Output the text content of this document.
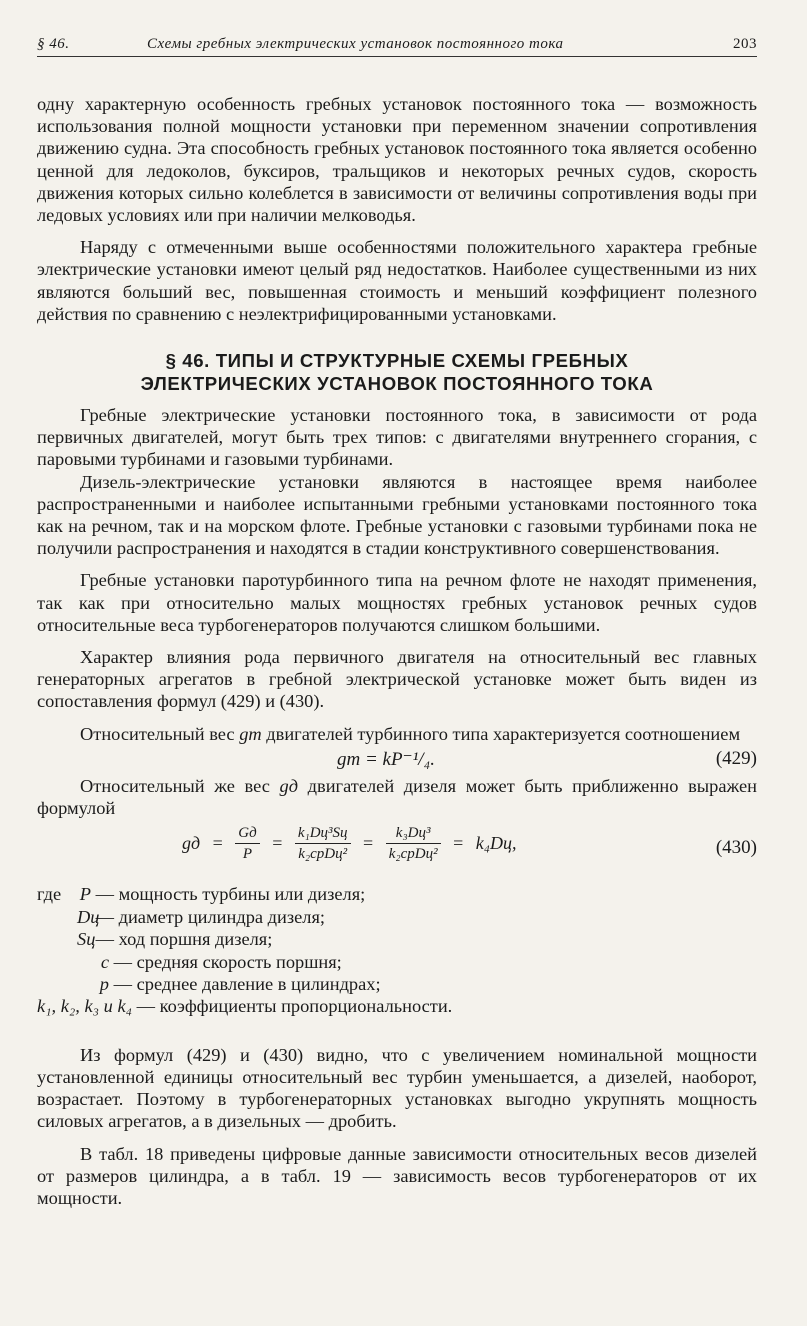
§ 46.	Схемы гребных электрических установок постоянного тока	203

одну характерную особенность гребных установок постоянного тока — возможность использования полной мощности установки при переменном значении сопротивления движению судна. Эта способность гребных установок постоянного тока является особенно ценной для ледоколов, буксиров, тральщиков и некоторых речных судов, скорость движения которых сильно колеблется в зависимости от величины сопротивления воды при ледовых условиях или при наличии мелководья.

Наряду с отмеченными выше особенностями положительного характера гребные электрические установки имеют целый ряд недостатков. Наиболее существенными из них являются больший вес, повышенная стоимость и меньший коэффициент полезного действия по сравнению с неэлектрифицированными установками.

§ 46. ТИПЫ И СТРУКТУРНЫЕ СХЕМЫ ГРЕБНЫХ
ЭЛЕКТРИЧЕСКИХ УСТАНОВОК ПОСТОЯННОГО ТОКА

Гребные электрические установки постоянного тока, в зависимости от рода первичных двигателей, могут быть трех типов: с двигателями внутреннего сгорания, с паровыми турбинами и газовыми турбинами.

Дизель-электрические установки являются в настоящее время наиболее распространенными и наиболее испытанными гребными установками постоянного тока как на речном, так и на морском флоте. Гребные установки с газовыми турбинами пока не получили распространения и находятся в стадии конструктивного совершенствования.

Гребные установки паротурбинного типа на речном флоте не находят применения, так как при относительно малых мощностях гребных установок речных судов относительные веса турбогенераторов получаются слишком большими.

Характер влияния рода первичного двигателя на относительный вес главных генераторных агрегатов в гребной электрической установке может быть виден из сопоставления формул (429) и (430).

Относительный вес gт двигателей турбинного типа характеризуется соотношением

gт = kP⁻¹/₄.	(429)

Относительный же вес gд двигателей дизеля может быть приближенно выражен формулой

gд = $\frac{Gд}{P} = \frac{\text{k₁Dц³Sц}}{\text{k₂cpDц²}} = \frac{\text{k₃Dц³}}{\text{k₂cpDц²}} = k_4Dц$,	(430)
где P — мощность турбины или дизеля;
Dц — диаметр цилиндра дизеля;
Sц — ход поршня дизеля;
c — средняя скорость поршня;
p — среднее давление в цилиндрах;
k₁, k₂, k₃ и k₄ — коэффициенты пропорциональности.

Из формул (429) и (430) видно, что с увеличением номинальной мощности установленной единицы относительный вес турбин уменьшается, а дизелей, наоборот, возрастает. Поэтому в турбогенераторных установках выгодно укрупнять мощность силовых агрегатов, а в дизельных — дробить.

В табл. 18 приведены цифровые данные зависимости относительных весов дизелей от размеров цилиндра, а в табл. 19 — зависимость весов турбогенераторов от их мощности.
